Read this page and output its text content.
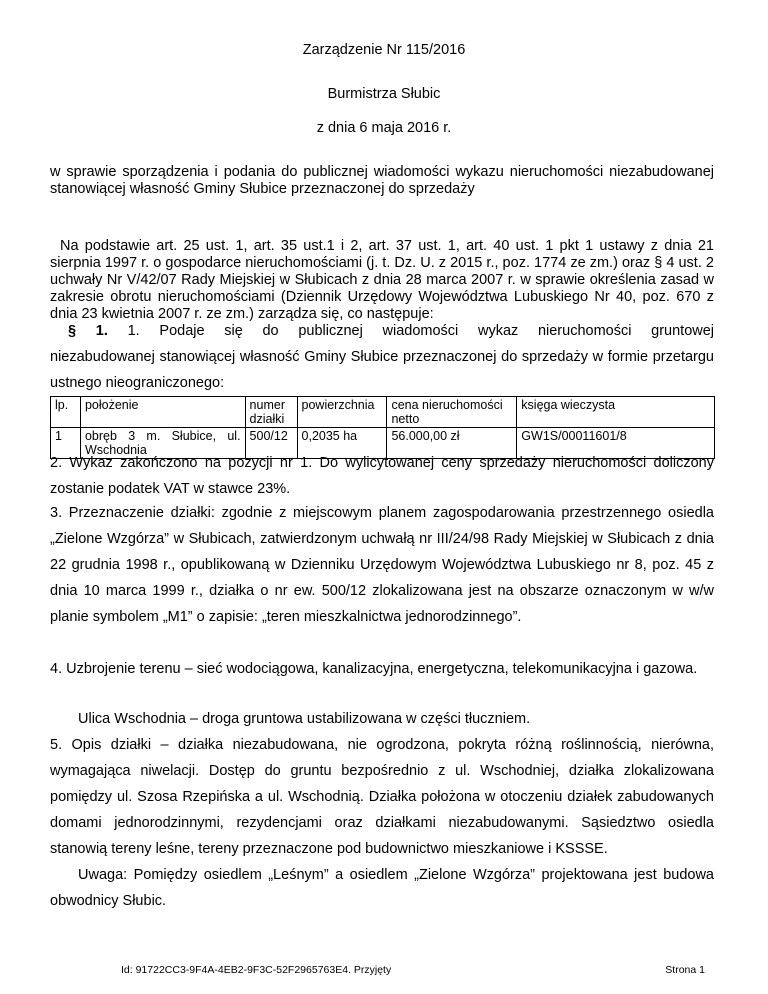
Zarządzenie Nr 115/2016
Burmistrza Słubic
z dnia 6 maja 2016 r.
w sprawie sporządzenia i podania do publicznej wiadomości wykazu nieruchomości niezabudowanej stanowiącej własność Gminy Słubice przeznaczonej do sprzedaży
Na podstawie art. 25 ust. 1, art. 35 ust.1 i 2, art. 37 ust. 1, art. 40 ust. 1 pkt 1 ustawy z dnia 21 sierpnia 1997 r. o gospodarce nieruchomościami (j. t. Dz. U. z 2015 r., poz. 1774 ze zm.) oraz § 4 ust. 2 uchwały Nr V/42/07 Rady Miejskiej w Słubicach z dnia 28 marca 2007 r. w sprawie określenia zasad w zakresie obrotu nieruchomościami (Dziennik Urzędowy Województwa Lubuskiego Nr 40, poz. 670 z dnia 23 kwietnia 2007 r. ze zm.) zarządza się, co następuje:
§ 1. 1. Podaje się do publicznej wiadomości wykaz nieruchomości gruntowej
niezabudowanej stanowiącej własność Gminy Słubice przeznaczonej do sprzedaży w formie przetargu ustnego nieograniczonego:
lp.	położenie	numer działki	powierzchnia	cena nieruchomości netto	księga wieczysta
1	obręb 3 m. Słubice, ul. Wschodnia	500/12	0,2035 ha	56.000,00 zł	GW1S/00011601/8
2. Wykaz zakończono na pozycji nr 1. Do wylicytowanej ceny sprzedaży nieruchomości doliczony zostanie podatek VAT w stawce 23%.
3. Przeznaczenie działki: zgodnie z miejscowym planem zagospodarowania przestrzennego osiedla „Zielone Wzgórza” w Słubicach, zatwierdzonym uchwałą nr III/24/98 Rady Miejskiej w Słubicach z dnia 22 grudnia 1998 r., opublikowaną w Dzienniku Urzędowym Województwa Lubuskiego nr 8, poz. 45 z dnia 10 marca 1999 r., działka o nr ew. 500/12 zlokalizowana jest na obszarze oznaczonym w w/w planie symbolem „M1” o zapisie: „teren mieszkalnictwa jednorodzinnego”.
4. Uzbrojenie terenu – sieć wodociągowa, kanalizacyjna, energetyczna, telekomunikacyjna i gazowa.
Ulica Wschodnia – droga gruntowa ustabilizowana w części tłuczniem.
5. Opis działki – działka niezabudowana, nie ogrodzona, pokryta różną roślinnością, nierówna, wymagająca niwelacji. Dostęp do gruntu bezpośrednio z ul. Wschodniej, działka zlokalizowana pomiędzy ul. Szosa Rzepińska a ul. Wschodnią. Działka położona w otoczeniu działek zabudowanych domami jednorodzinnymi, rezydencjami oraz działkami niezabudowanymi. Sąsiedztwo osiedla stanowią tereny leśne, tereny przeznaczone pod budownictwo mieszkaniowe i KSSSE.
Uwaga: Pomiędzy osiedlem „Leśnym” a osiedlem „Zielone Wzgórza” projektowana jest budowa obwodnicy Słubic.
Id: 91722CC3-9F4A-4EB2-9F3C-52F2965763E4. Przyjęty	Strona 1
